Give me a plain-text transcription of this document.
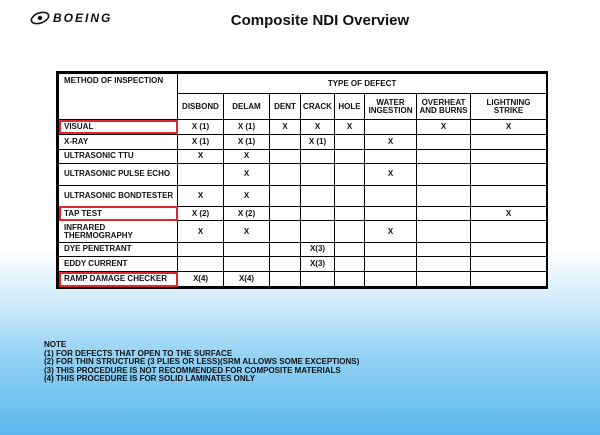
BOEING	Composite NDI Overview
METHOD OF INSPECTION	TYPE OF DEFECT							
	DISBOND	DELAM	DENT	CRACK	HOLE	WATER INGESTION	OVERHEAT AND BURNS	LIGHTNING STRIKE
VISUAL	X (1)	X (1)	X	X	X		X	X
X-RAY	X (1)	X (1)		X (1)		X		
ULTRASONIC TTU	X	X						
ULTRASONIC PULSE ECHO		X				X		
ULTRASONIC BONDTESTER	X	X						
TAP TEST	X (2)	X (2)						X
INFRARED THERMOGRAPHY	X	X				X		
DYE PENETRANT				X(3)				
EDDY CURRENT				X(3)				
RAMP DAMAGE CHECKER	X(4)	X(4)						
NOTE
(1) FOR DEFECTS THAT OPEN TO THE SURFACE
(2) FOR THIN STRUCTURE (3 PLIES OR LESS)(SRM ALLOWS SOME EXCEPTIONS)
(3) THIS PROCEDURE IS NOT RECOMMENDED FOR COMPOSITE MATERIALS
(4) THIS PROCEDURE IS FOR SOLID LAMINATES ONLY
